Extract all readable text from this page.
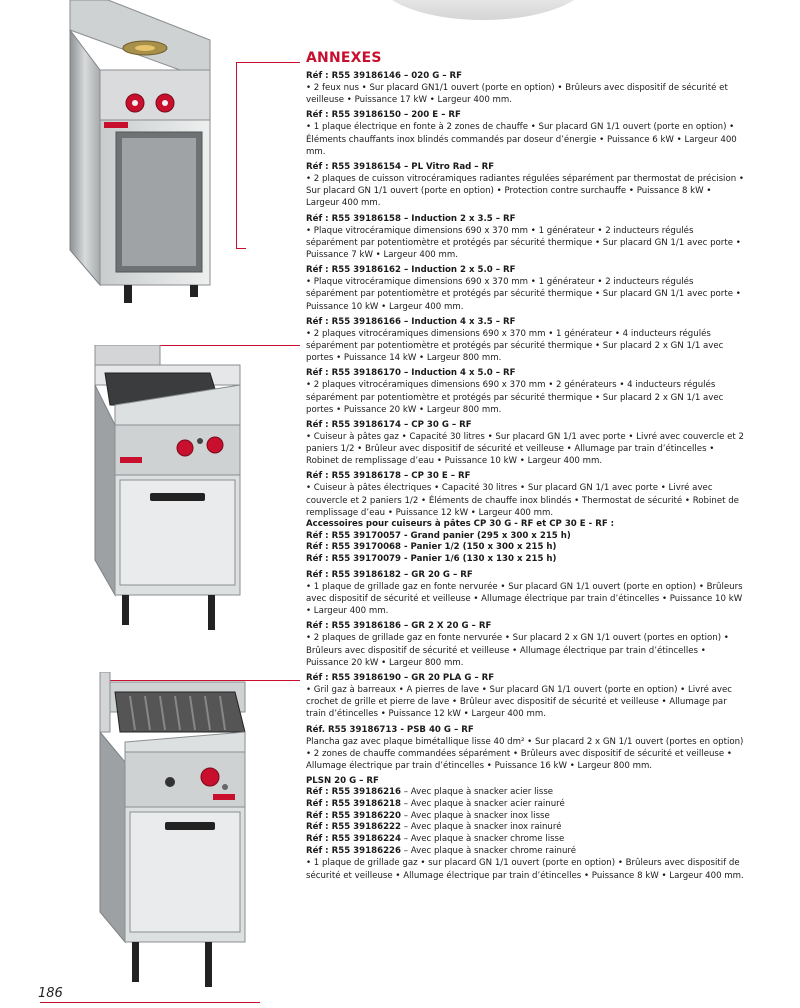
ANNEXES
Réf : R55 39186146 – 020 G – RF
• 2 feux nus • Sur placard GN1/1 ouvert (porte en option) • Brûleurs avec dispositif de sécurité et veilleuse • Puissance 17 kW • Largeur 400 mm.
Réf : R55 39186150 – 200 E – RF
• 1 plaque électrique en fonte à 2 zones de chauffe • Sur placard GN 1/1 ouvert (porte en option) • Éléments chauffants inox blindés commandés par doseur d’énergie • Puissance 6 kW • Largeur 400 mm.
Réf : R55 39186154 – PL Vitro Rad – RF
• 2 plaques de cuisson vitrocéramiques radiantes régulées séparément par thermostat de précision • Sur placard GN 1/1 ouvert (porte en option) • Protection contre surchauffe • Puissance 8 kW • Largeur 400 mm.
Réf : R55 39186158 – Induction 2 x 3.5 – RF
• Plaque vitrocéramique dimensions 690 x 370 mm • 1 générateur • 2 inducteurs régulés séparément par potentiomètre et protégés par sécurité thermique • Sur placard GN 1/1 avec porte • Puissance 7 kW • Largeur 400 mm.
Réf : R55 39186162 – Induction 2 x 5.0 – RF
• Plaque vitrocéramique dimensions 690 x 370 mm • 1 générateur • 2 inducteurs régulés séparément par potentiomètre et protégés par sécurité thermique • Sur placard GN 1/1 avec porte • Puissance 10 kW • Largeur 400 mm.
Réf : R55 39186166 – Induction 4 x 3.5 – RF
• 2 plaques vitrocéramiques dimensions 690 x 370 mm • 1 générateur • 4 inducteurs régulés séparément par potentiomètre et protégés par sécurité thermique • Sur placard 2 x GN 1/1 avec portes • Puissance 14 kW • Largeur 800 mm.
Réf : R55 39186170 – Induction 4 x 5.0 – RF
• 2 plaques vitrocéramiques dimensions 690 x 370 mm • 2 générateurs • 4 inducteurs régulés séparément par potentiomètre et protégés par sécurité thermique • Sur placard 2 x GN 1/1 avec portes • Puissance 20 kW • Largeur 800 mm.
Réf : R55 39186174 – CP 30 G – RF
• Cuiseur à pâtes gaz • Capacité 30 litres • Sur placard GN 1/1 avec porte • Livré avec couvercle et 2 paniers 1/2 • Brûleur avec dispositif de sécurité et veilleuse • Allumage par train d’étincelles • Robinet de remplissage d’eau • Puissance 10 kW • Largeur 400 mm.
Réf : R55 39186178 – CP 30 E – RF
• Cuiseur à pâtes électriques • Capacité 30 litres • Sur placard GN 1/1 avec porte • Livré avec couvercle et 2 paniers 1/2 • Éléments de chauffe inox blindés • Thermostat de sécurité • Robinet de remplissage d’eau • Puissance 12 kW • Largeur 400 mm.
Accessoires pour cuiseurs à pâtes CP 30 G - RF et CP 30 E - RF :
Réf : R55 39170057 - Grand panier (295 x 300 x 215 h)
Réf : R55 39170068 - Panier 1/2 (150 x 300 x 215 h)
Réf : R55 39170079 - Panier 1/6 (130 x 130 x 215 h)
Réf : R55 39186182 – GR 20 G – RF
• 1 plaque de grillade gaz en fonte nervurée • Sur placard GN 1/1 ouvert (porte en option) • Brûleurs avec dispositif de sécurité et veilleuse • Allumage électrique par train d’étincelles • Puissance 10 kW • Largeur 400 mm.
Réf : R55 39186186 – GR 2 X 20 G – RF
• 2 plaques de grillade gaz en fonte nervurée • Sur placard 2 x GN 1/1 ouvert (portes en option) • Brûleurs avec dispositif de sécurité et veilleuse • Allumage électrique par train d’étincelles • Puissance 20 kW • Largeur 800 mm.
Réf : R55 39186190 – GR 20 PLA G – RF
• Gril gaz à barreaux • A pierres de lave • Sur placard GN 1/1 ouvert (porte en option) • Livré avec crochet de grille et pierre de lave • Brûleur avec dispositif de sécurité et veilleuse • Allumage par train d’étincelles • Puissance 12 kW • Largeur 400 mm.
Réf. R55 39186713 - PSB 40 G – RF
Plancha gaz avec plaque bimétallique lisse 40 dm² • Sur placard 2 x GN 1/1 ouvert (portes en option) • 2 zones de chauffe commandées séparément • Brûleurs avec dispositif de sécurité et veilleuse • Allumage électrique par train d’étincelles • Puissance 16 kW • Largeur 800 mm.
PLSN 20 G – RF
Réf : R55 39186216 – Avec plaque à snacker acier lisse
Réf : R55 39186218 – Avec plaque à snacker acier rainuré
Réf : R55 39186220 – Avec plaque à snacker inox lisse
Réf : R55 39186222 – Avec plaque à snacker inox rainuré
Réf : R55 39186224 – Avec plaque à snacker chrome lisse
Réf : R55 39186226 – Avec plaque à snacker chrome rainuré
• 1 plaque de grillade gaz • sur placard GN 1/1 ouvert (porte en option) • Brûleurs avec dispositif de sécurité et veilleuse • Allumage électrique par train d’étincelles • Puissance 8 kW • Largeur 400 mm.
186
